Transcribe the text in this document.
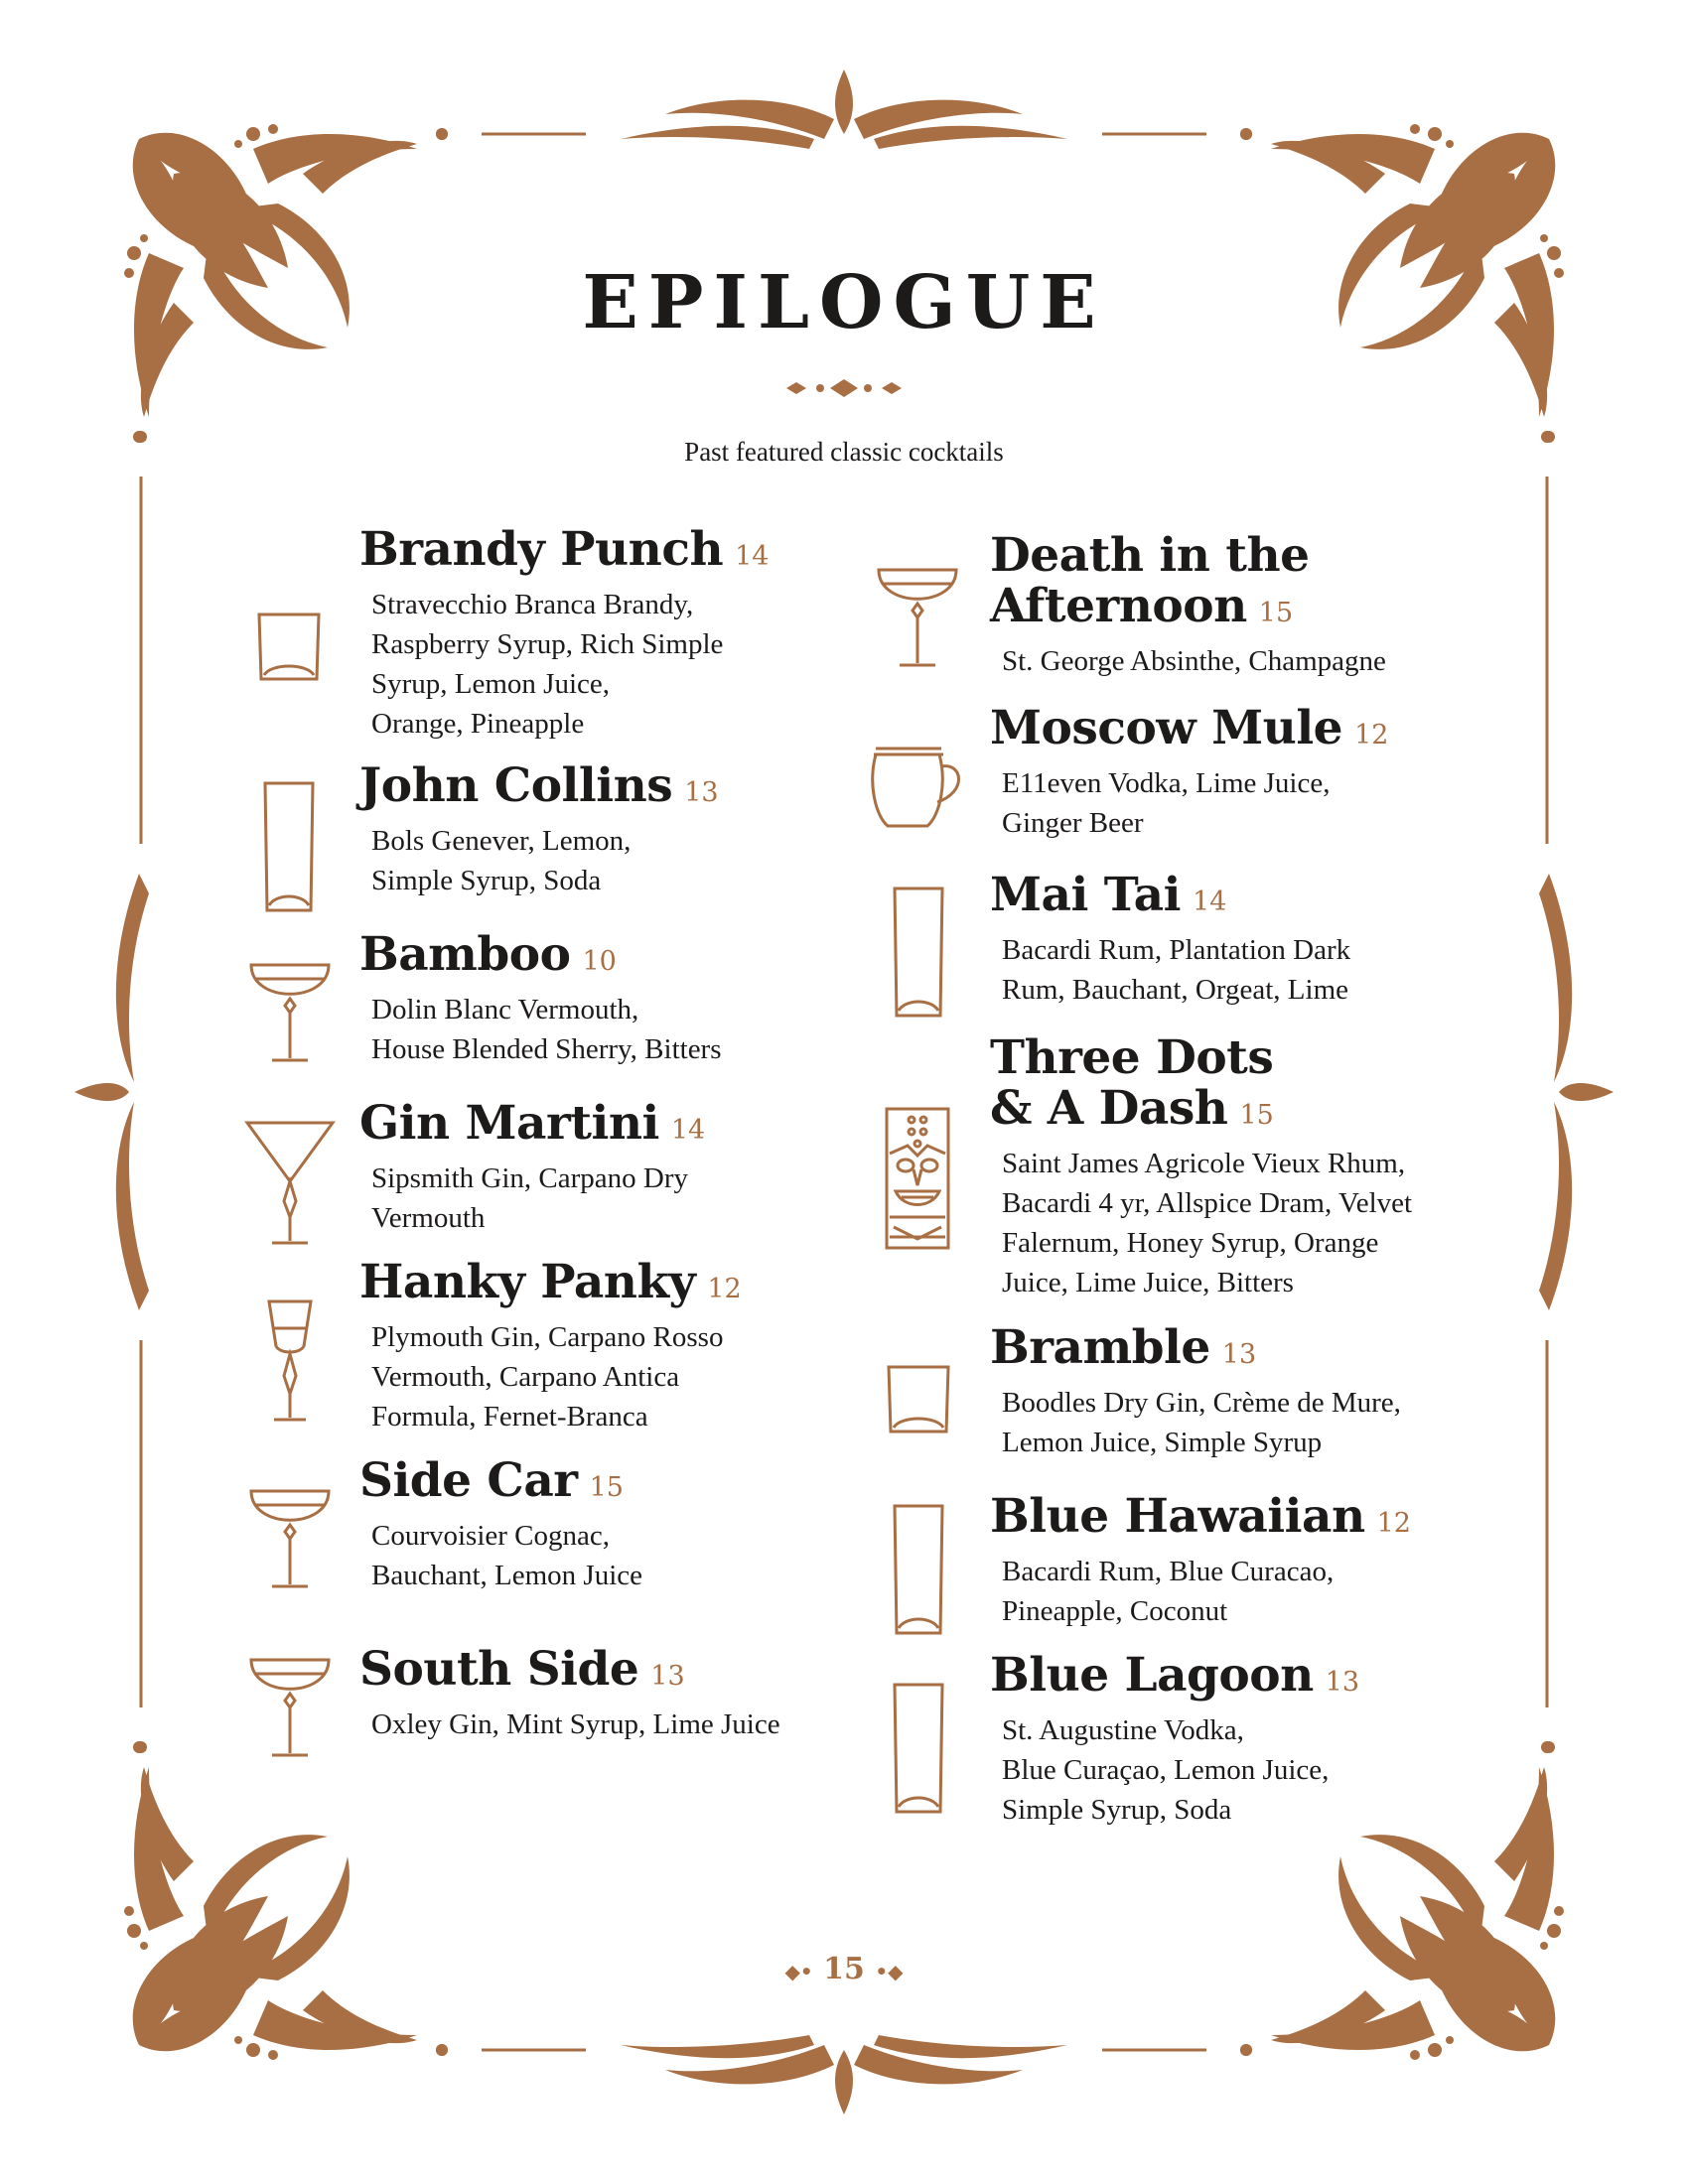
EPILOGUE
Past featured classic cocktails
Brandy Punch 14
Stravecchio Branca Brandy,
Raspberry Syrup, Rich Simple
Syrup, Lemon Juice,
Orange, Pineapple
John Collins 13
Bols Genever, Lemon,
Simple Syrup, Soda
Bamboo 10
Dolin Blanc Vermouth,
House Blended Sherry, Bitters
Gin Martini 14
Sipsmith Gin, Carpano Dry
Vermouth
Hanky Panky 12
Plymouth Gin, Carpano Rosso
Vermouth, Carpano Antica
Formula, Fernet-Branca
Side Car 15
Courvoisier Cognac,
Bauchant, Lemon Juice
South Side 13
Oxley Gin, Mint Syrup, Lime Juice
Death in the
Afternoon 15
St. George Absinthe, Champagne
Moscow Mule 12
E11even Vodka, Lime Juice,
Ginger Beer
Mai Tai 14
Bacardi Rum, Plantation Dark
Rum, Bauchant, Orgeat, Lime
Three Dots
& A Dash 15
Saint James Agricole Vieux Rhum,
Bacardi 4 yr, Allspice Dram, Velvet
Falernum, Honey Syrup, Orange
Juice, Lime Juice, Bitters
Bramble 13
Boodles Dry Gin, Crème de Mure,
Lemon Juice, Simple Syrup
Blue Hawaiian 12
Bacardi Rum, Blue Curacao,
Pineapple, Coconut
Blue Lagoon 13
St. Augustine Vodka,
Blue Curaçao, Lemon Juice,
Simple Syrup, Soda
◆• 15 •◆
